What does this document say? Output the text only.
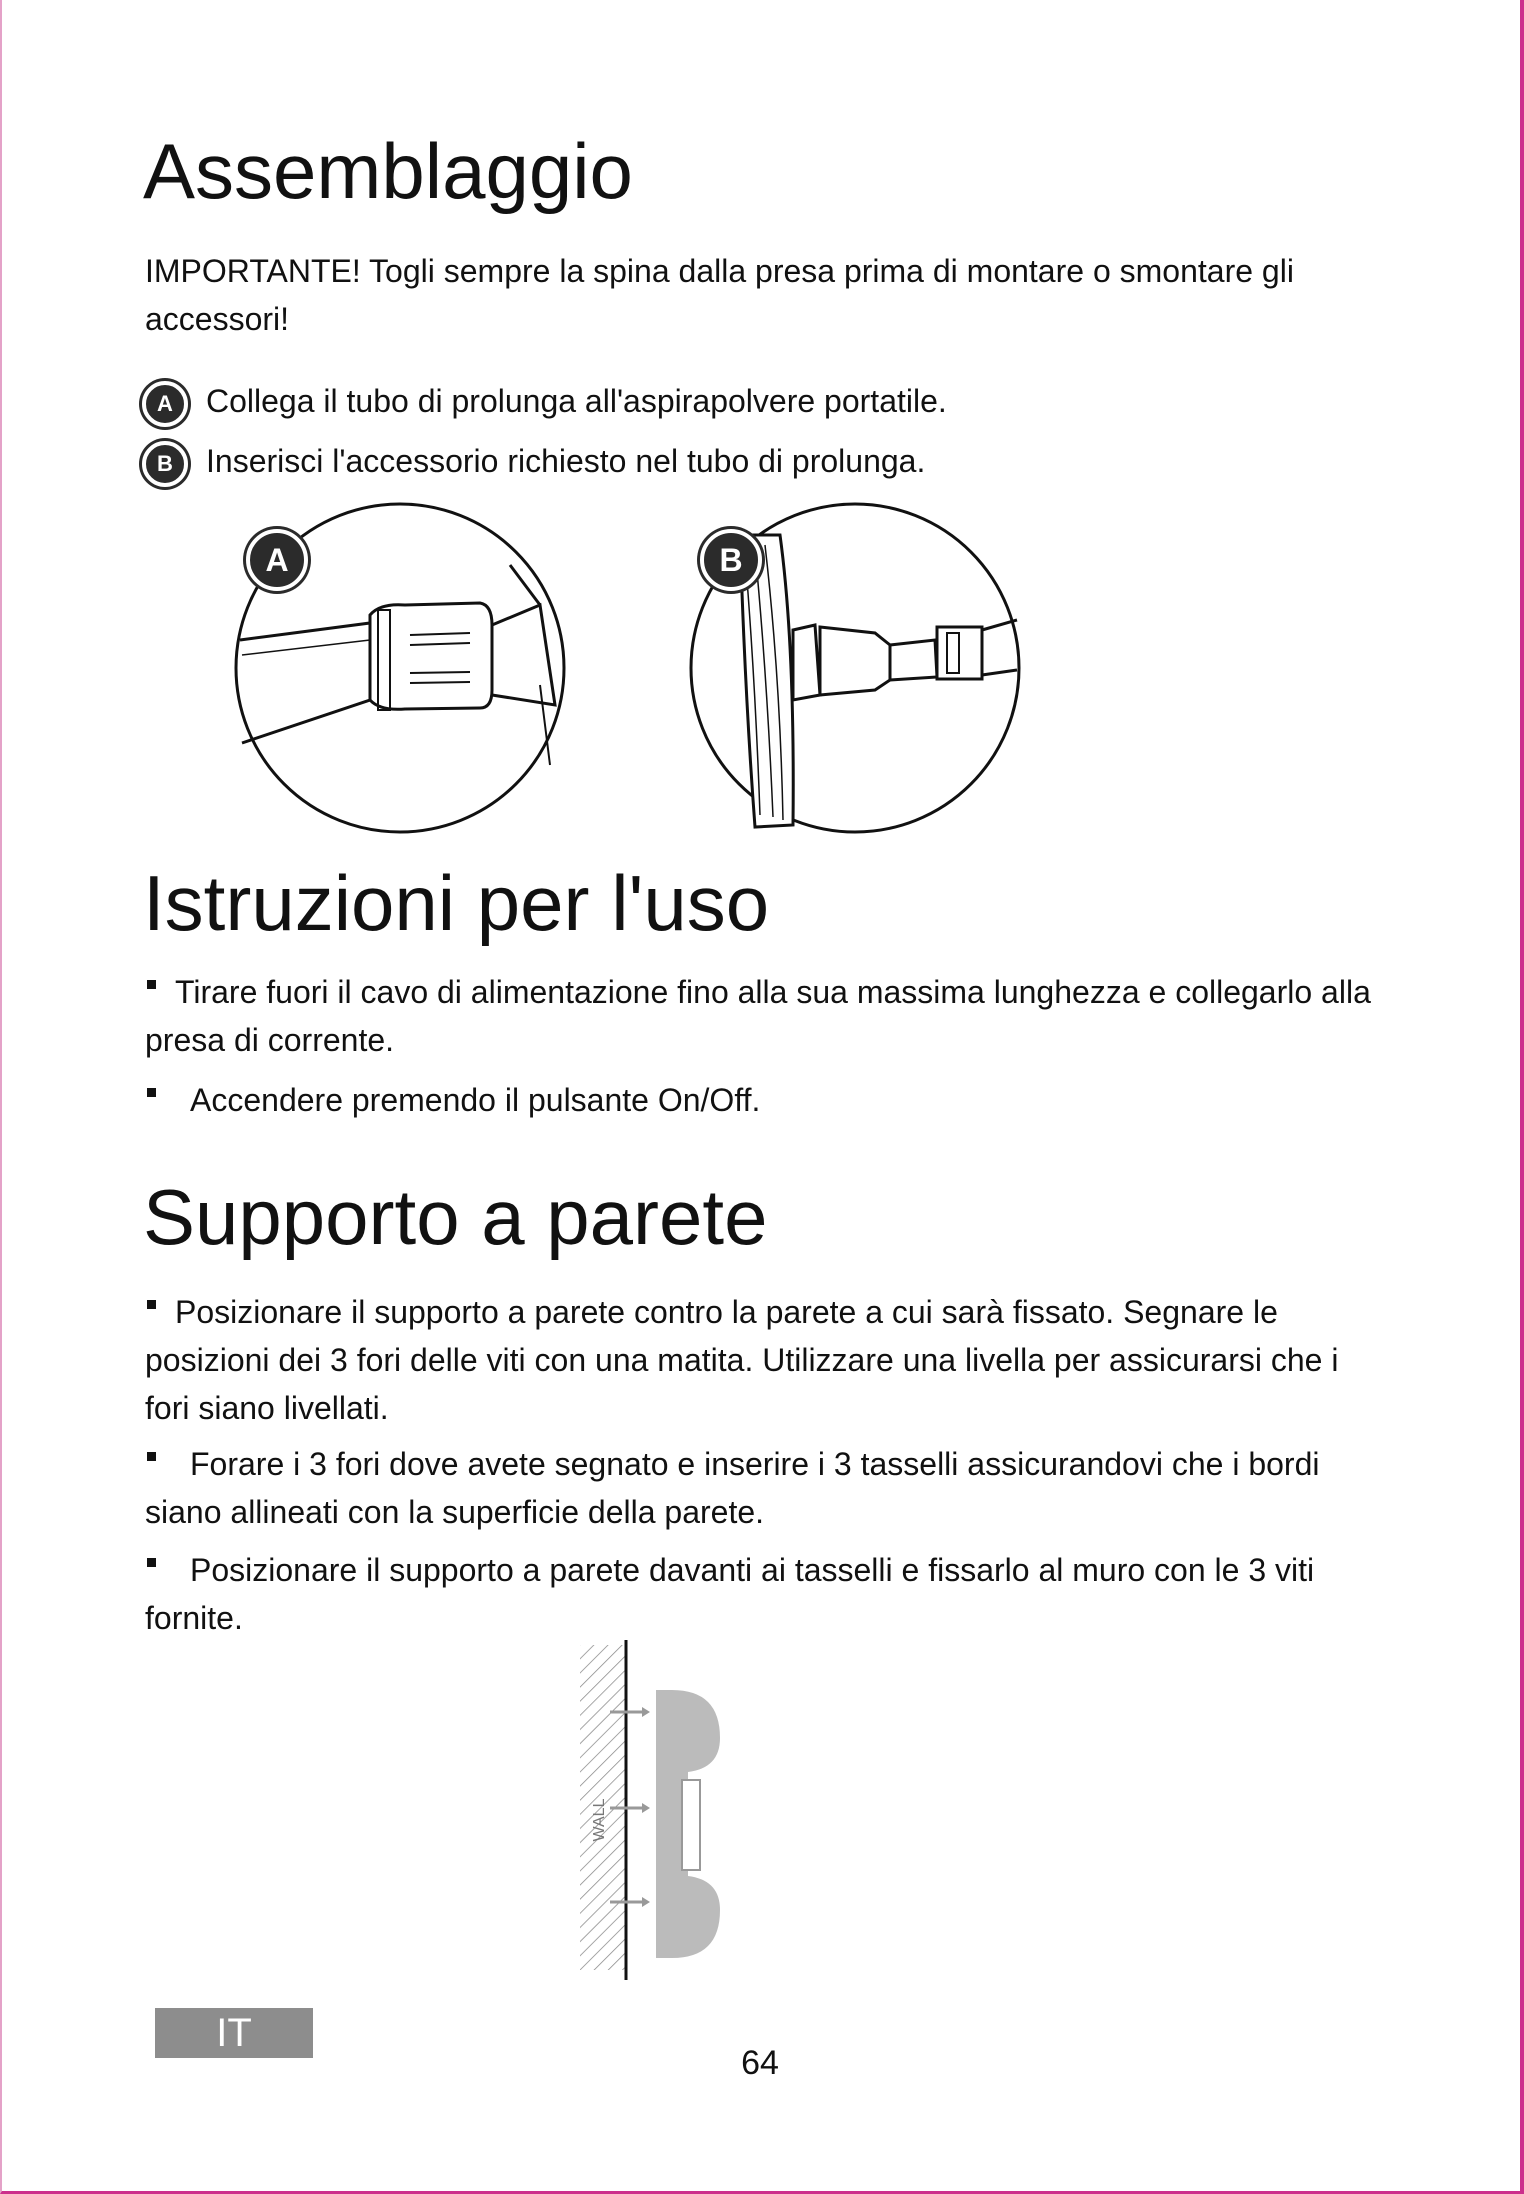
Assemblaggio

IMPORTANTE! Togli sempre la spina dalla presa prima di montare o smontare gli accessori!

A	Collega il tubo di prolunga all'aspirapolvere portatile.

B	Inserisci l'accessorio richiesto nel tubo di prolunga.

A	B
Istruzioni per l'uso

Tirare fuori il cavo di alimentazione fino alla sua massima lunghezza e collegarlo alla presa di corrente.

Accendere premendo il pulsante On/Off.

Supporto a parete

Posizionare il supporto a parete contro la parete a cui sarà fissato. Segnare le posizioni dei 3 fori delle viti con una matita. Utilizzare una livella per assicurarsi che i fori siano livellati.

Forare i 3 fori dove avete segnato e inserire i 3 tasselli assicurandovi che i bordi siano allineati con la superficie della parete.

Posizionare il supporto a parete davanti ai tasselli e fissarlo al muro con le 3 viti fornite.

WALL
IT
64
